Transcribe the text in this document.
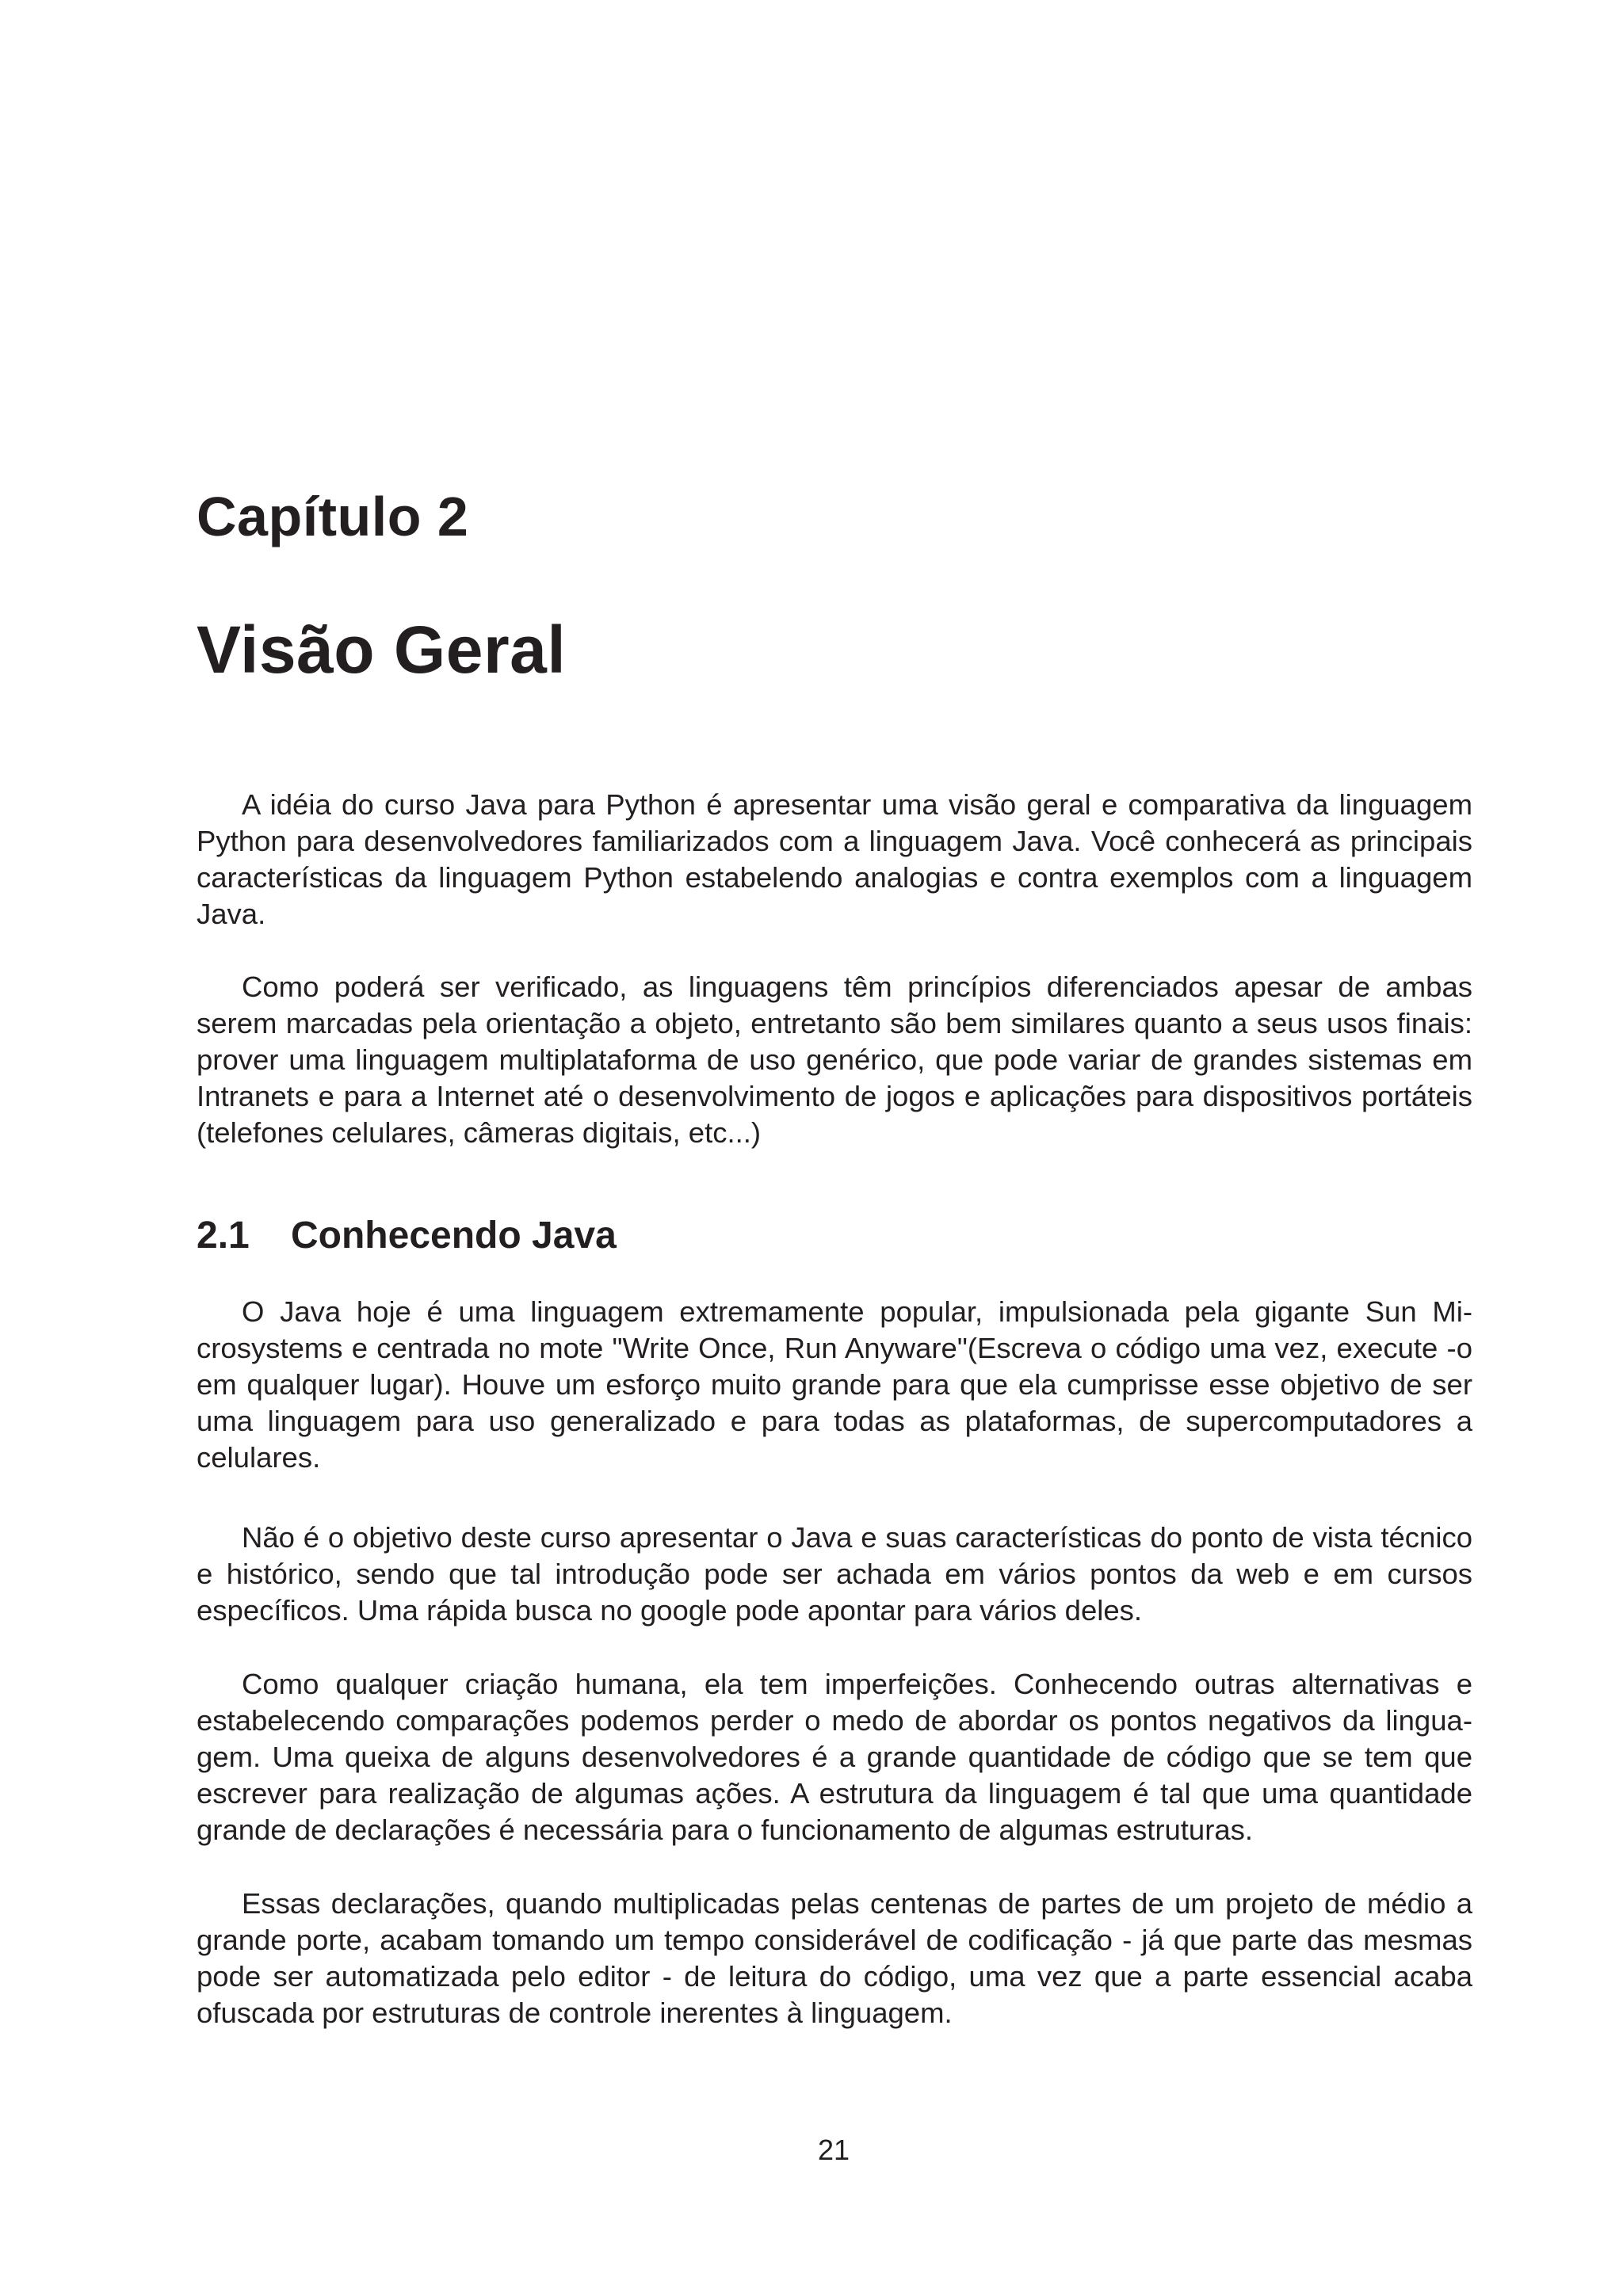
Capítulo 2
Visão Geral

A idéia do curso Java para Python é apresentar uma visão geral e comparativa da linguagem Python para desenvolvedores familiarizados com a linguagem Java. Você conhecerá as principais características da linguagem Python estabelendo analogias e contra exemplos com a linguagem Java.

Como poderá ser verificado, as linguagens têm princípios diferenciados apesar de ambas serem marcadas pela orientação a objeto, entretanto são bem similares quanto a seus usos finais: prover uma linguagem multiplataforma de uso genérico, que pode variar de grandes sistemas em Intranets e para a Internet até o desenvolvimento de jogos e aplicações para dispositivos portáteis (telefones celulares, câmeras digitais, etc...)

2.1 Conhecendo Java

O Java hoje é uma linguagem extremamente popular, impulsionada pela gigante Sun Microsystems e centrada no mote "Write Once, Run Anyware"(Escreva o código uma vez, execute -o em qualquer lugar). Houve um esforço muito grande para que ela cumprisse esse objetivo de ser uma linguagem para uso generalizado e para todas as plataformas, de supercomputadores a celulares.

Não é o objetivo deste curso apresentar o Java e suas características do ponto de vista técnico e histórico, sendo que tal introdução pode ser achada em vários pontos da web e em cursos específicos. Uma rápida busca no google pode apontar para vários deles.

Como qualquer criação humana, ela tem imperfeições. Conhecendo outras alternativas e estabelecendo comparações podemos perder o medo de abordar os pontos negativos da linguagem. Uma queixa de alguns desenvolvedores é a grande quantidade de código que se tem que escrever para realização de algumas ações. A estrutura da linguagem é tal que uma quantidade grande de declarações é necessária para o funcionamento de algumas estruturas.

Essas declarações, quando multiplicadas pelas centenas de partes de um projeto de médio a grande porte, acabam tomando um tempo considerável de codificação - já que parte das mesmas pode ser automatizada pelo editor - de leitura do código, uma vez que a parte essencial acaba ofuscada por estruturas de controle inerentes à linguagem.

21
